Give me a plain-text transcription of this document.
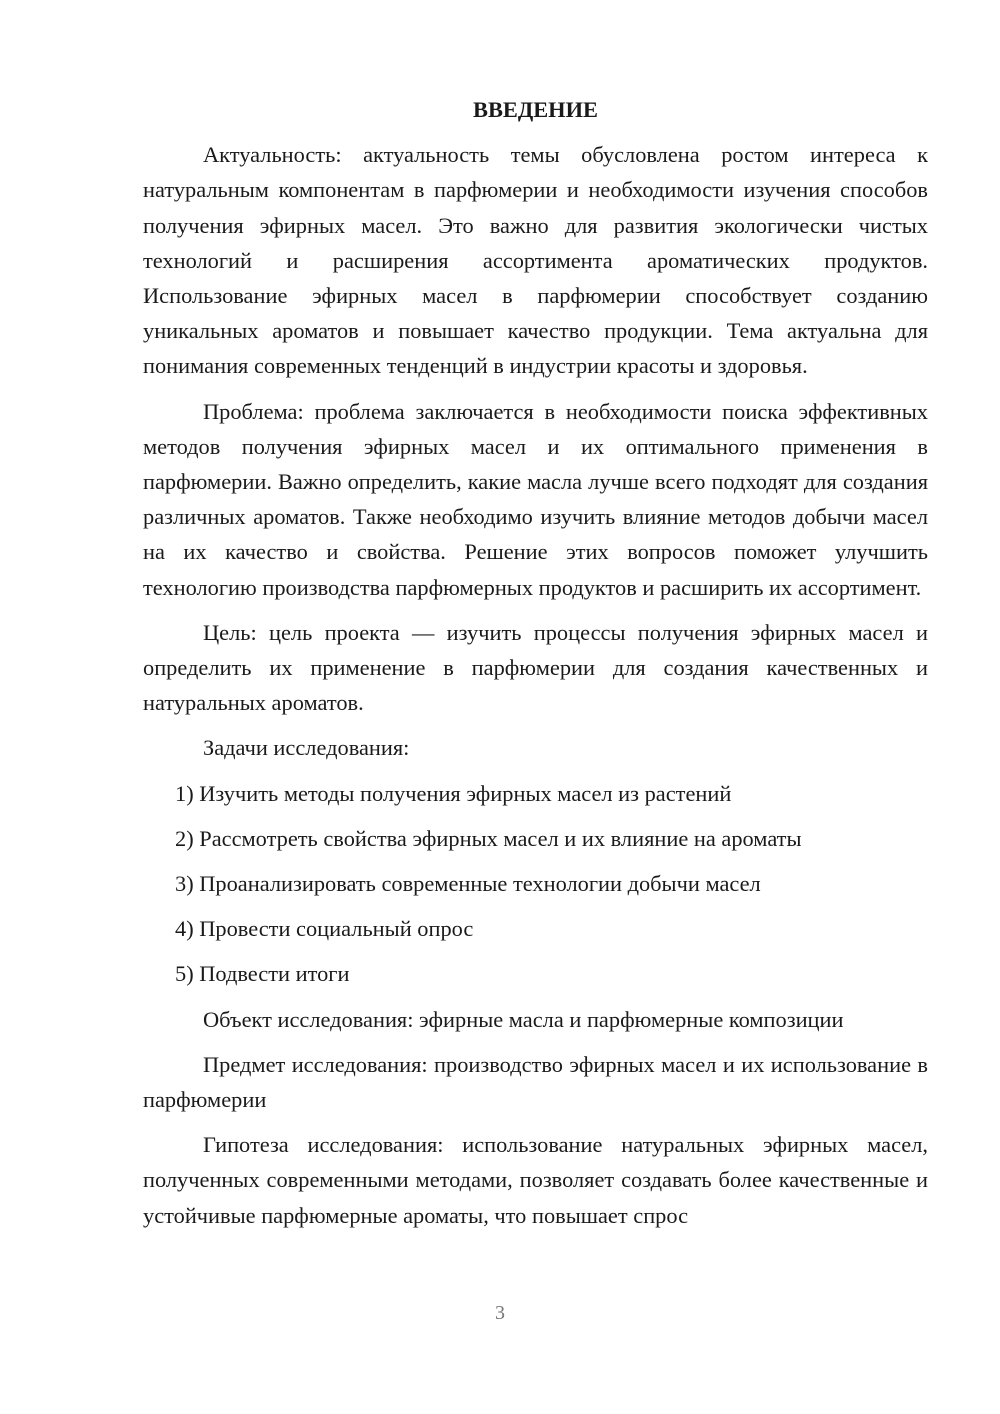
ВВЕДЕНИЕ

Актуальность: актуальность темы обусловлена ростом интереса к натуральным компонентам в парфюмерии и необходимости изучения способов получения эфирных масел. Это важно для развития экологически чистых технологий и расширения ассортимента ароматических продуктов. Использование эфирных масел в парфюмерии способствует созданию уникальных ароматов и повышает качество продукции. Тема актуальна для понимания современных тенденций в индустрии красоты и здоровья.

Проблема: проблема заключается в необходимости поиска эффективных методов получения эфирных масел и их оптимального применения в парфюмерии. Важно определить, какие масла лучше всего подходят для создания различных ароматов. Также необходимо изучить влияние методов добычи масел на их качество и свойства. Решение этих вопросов поможет улучшить технологию производства парфюмерных продуктов и расширить их ассортимент.

Цель: цель проекта — изучить процессы получения эфирных масел и определить их применение в парфюмерии для создания качественных и натуральных ароматов.

Задачи исследования:

1) Изучить методы получения эфирных масел из растений

2) Рассмотреть свойства эфирных масел и их влияние на ароматы

3) Проанализировать современные технологии добычи масел

4) Провести социальный опрос

5) Подвести итоги

Объект исследования: эфирные масла и парфюмерные композиции

Предмет исследования: производство эфирных масел и их использование в парфюмерии

Гипотеза исследования: использование натуральных эфирных масел, полученных современными методами, позволяет создавать более качественные и устойчивые парфюмерные ароматы, что повышает спрос

3
